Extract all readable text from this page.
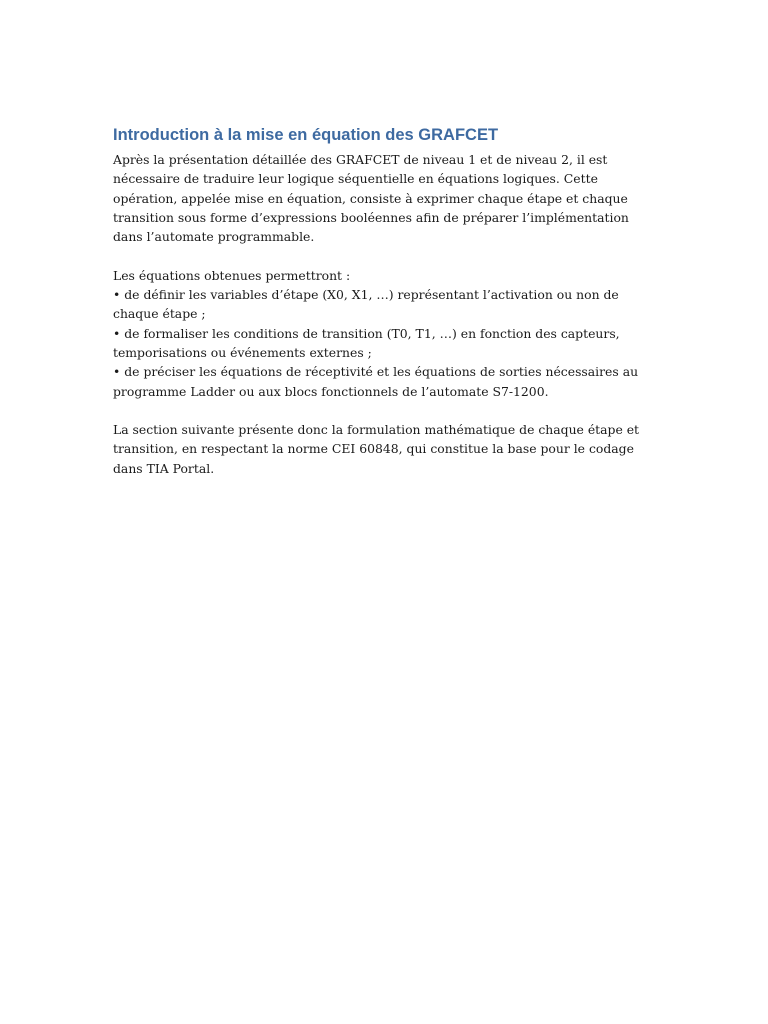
Introduction à la mise en équation des GRAFCET

Après la présentation détaillée des GRAFCET de niveau 1 et de niveau 2, il est nécessaire de traduire leur logique séquentielle en équations logiques. Cette opération, appelée mise en équation, consiste à exprimer chaque étape et chaque transition sous forme d’expressions booléennes afin de préparer l’implémentation dans l’automate programmable.

Les équations obtenues permettront :
• de définir les variables d’étape (X0, X1, …) représentant l’activation ou non de chaque étape ;
• de formaliser les conditions de transition (T0, T1, …) en fonction des capteurs, temporisations ou événements externes ;
• de préciser les équations de réceptivité et les équations de sorties nécessaires au programme Ladder ou aux blocs fonctionnels de l’automate S7-1200.

La section suivante présente donc la formulation mathématique de chaque étape et transition, en respectant la norme CEI 60848, qui constitue la base pour le codage dans TIA Portal.
